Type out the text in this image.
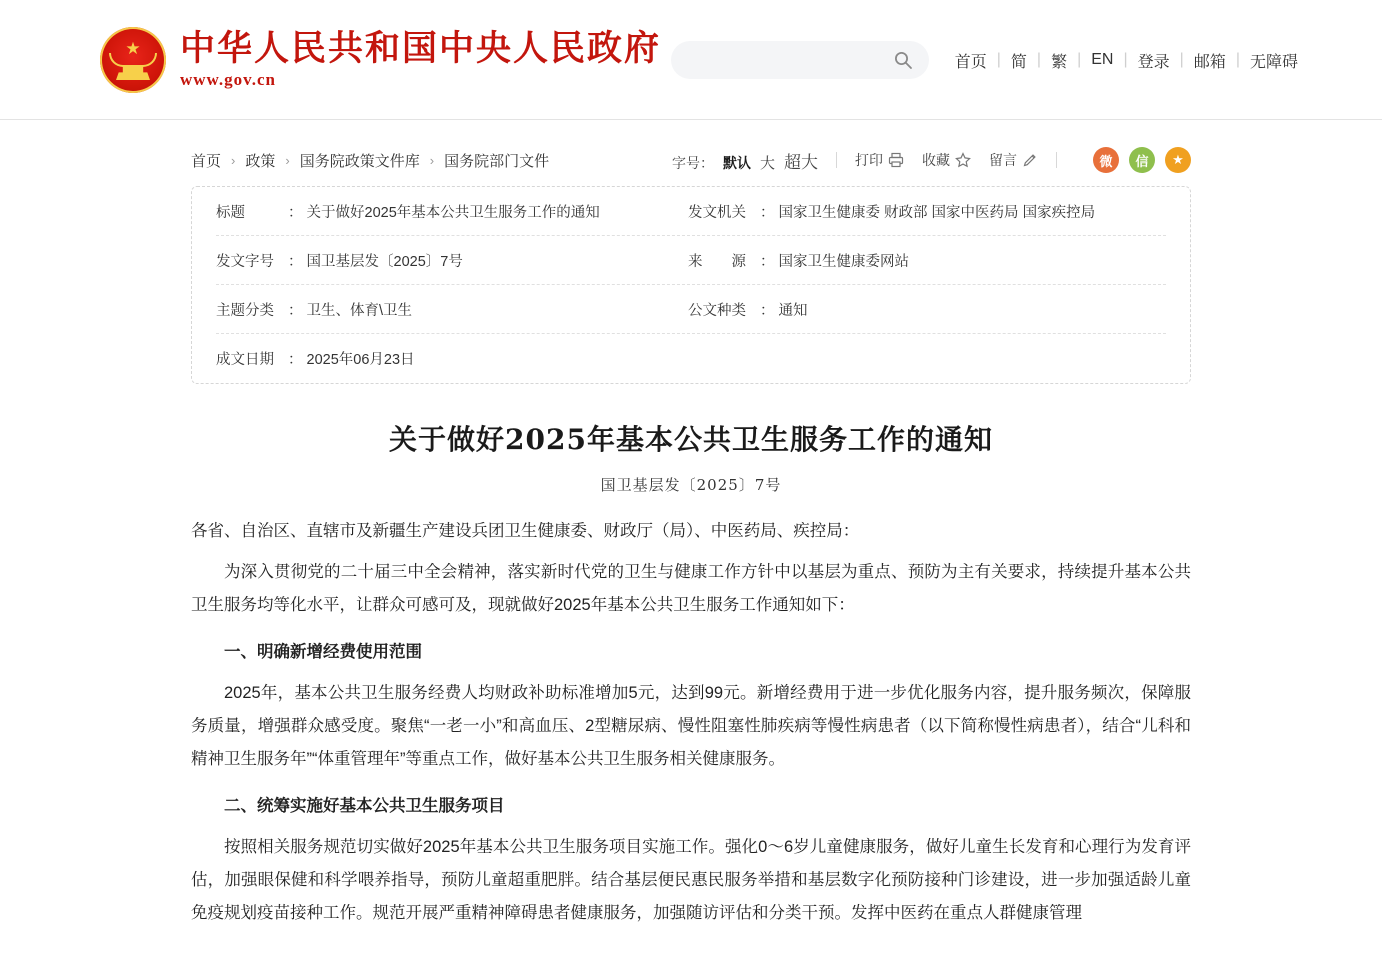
★ 中华人民共和国中央人民政府
www.gov.cn
首页 | 简 | 繁 | EN | 登录 | 邮箱 | 无障碍
首页 › 政策 › 国务院政策文件库 › 国务院部门文件	字号： 默认 大 超大	打印	收藏	留言	微	信	★
标题	： 关于做好2025年基本公共卫生服务工作的通知	发文机关 ： 国家卫生健康委 财政部 国家中医药局 国家疾控局
发文字号 ： 国卫基层发〔2025〕7号	来　　源 ： 国家卫生健康委网站
主题分类 ： 卫生、体育\卫生	公文种类 ： 通知
成文日期 ： 2025年06月23日
关于做好2025年基本公共卫生服务工作的通知
国卫基层发〔2025〕7号

各省、自治区、直辖市及新疆生产建设兵团卫生健康委、财政厅（局）、中医药局、疾控局：

为深入贯彻党的二十届三中全会精神，落实新时代党的卫生与健康工作方针中以基层为重点、预防为主有关要求，持续提升基本公共卫生服务均等化水平，让群众可感可及，现就做好2025年基本公共卫生服务工作通知如下：

一、明确新增经费使用范围

2025年，基本公共卫生服务经费人均财政补助标准增加5元，达到99元。新增经费用于进一步优化服务内容，提升服务频次，保障服务质量，增强群众感受度。聚焦“一老一小”和高血压、2型糖尿病、慢性阻塞性肺疾病等慢性病患者（以下简称慢性病患者），结合“儿科和精神卫生服务年”“体重管理年”等重点工作，做好基本公共卫生服务相关健康服务。

二、统筹实施好基本公共卫生服务项目

按照相关服务规范切实做好2025年基本公共卫生服务项目实施工作。强化0～6岁儿童健康服务，做好儿童生长发育和心理行为发育评估，加强眼保健和科学喂养指导，预防儿童超重肥胖。结合基层便民惠民服务举措和基层数字化预防接种门诊建设，进一步加强适龄儿童免疫规划疫苗接种工作。规范开展严重精神障碍患者健康服务，加强随访评估和分类干预。发挥中医药在重点人群健康管理
